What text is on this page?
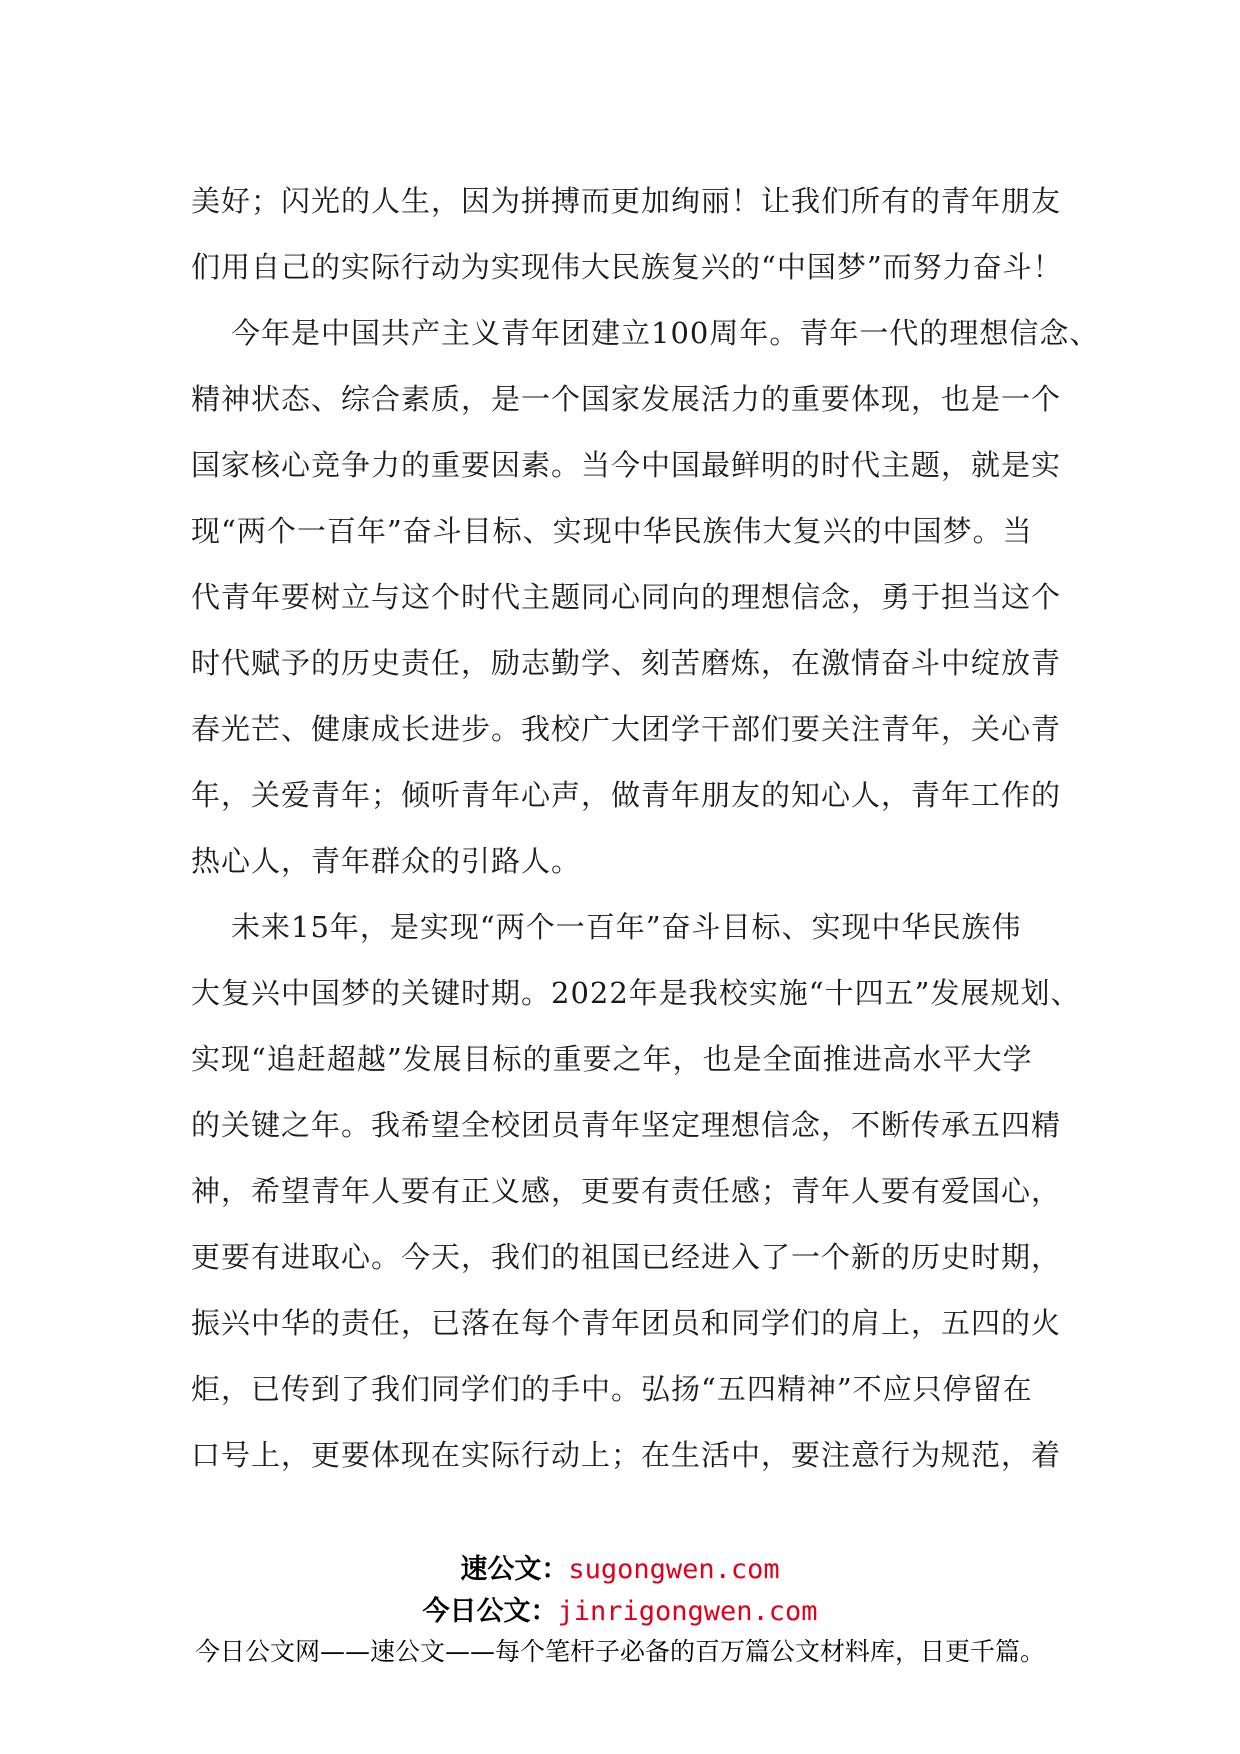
美好；闪光的人生，因为拼搏而更加绚丽！让我们所有的青年朋友
们用自己的实际行动为实现伟大民族复兴的“中国梦”而努力奋斗！
今年是中国共产主义青年团建立100周年。青年一代的理想信念、
精神状态、综合素质，是一个国家发展活力的重要体现，也是一个
国家核心竞争力的重要因素。当今中国最鲜明的时代主题，就是实
现“两个一百年”奋斗目标、实现中华民族伟大复兴的中国梦。当
代青年要树立与这个时代主题同心同向的理想信念，勇于担当这个
时代赋予的历史责任，励志勤学、刻苦磨炼，在激情奋斗中绽放青
春光芒、健康成长进步。我校广大团学干部们要关注青年，关心青
年，关爱青年；倾听青年心声，做青年朋友的知心人，青年工作的
热心人，青年群众的引路人。
未来15年，是实现“两个一百年”奋斗目标、实现中华民族伟
大复兴中国梦的关键时期。2022年是我校实施“十四五”发展规划、
实现“追赶超越”发展目标的重要之年，也是全面推进高水平大学
的关键之年。我希望全校团员青年坚定理想信念，不断传承五四精
神，希望青年人要有正义感，更要有责任感；青年人要有爱国心，
更要有进取心。今天，我们的祖国已经进入了一个新的历史时期，
振兴中华的责任，已落在每个青年团员和同学们的肩上，五四的火
炬，已传到了我们同学们的手中。弘扬“五四精神”不应只停留在
口号上，更要体现在实际行动上；在生活中，要注意行为规范，着
速公文：sugongwen.com
今日公文：jinrigongwen.com
今日公文网——速公文——每个笔杆子必备的百万篇公文材料库，日更千篇。
